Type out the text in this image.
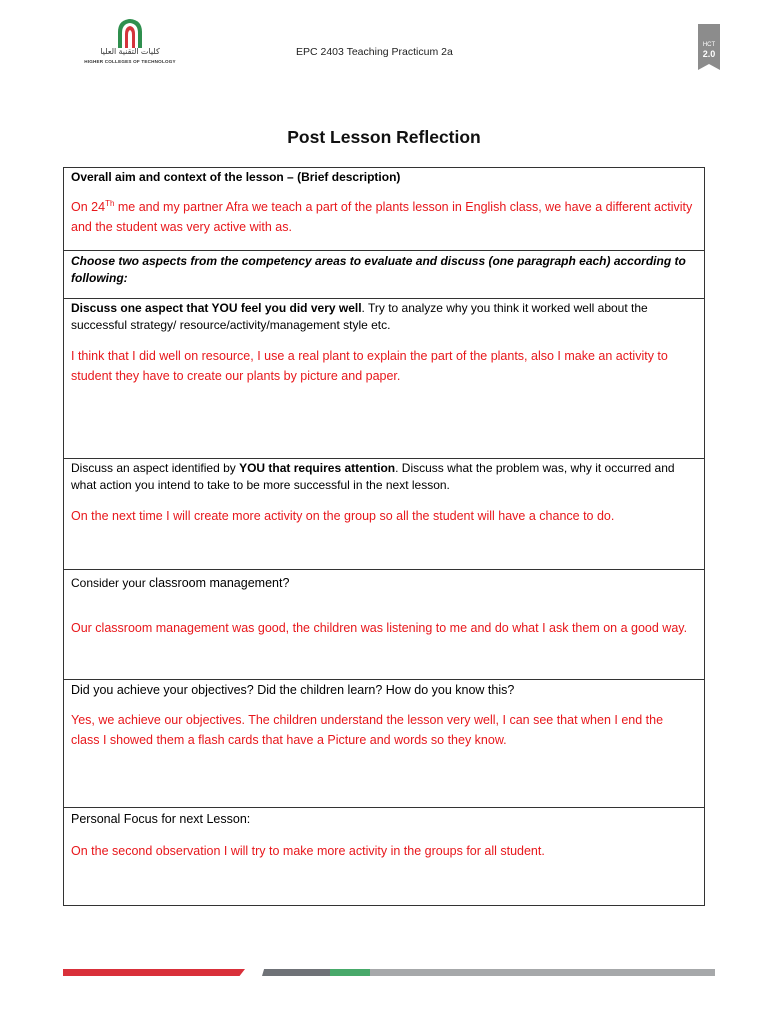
كليات التقنية العليا
HIGHER COLLEGES OF TECHNOLOGY
EPC 2403 Teaching Practicum 2a
HCT
2.0
Post Lesson Reflection
Overall aim and context of the lesson – (Brief description)
On 24Th me and my partner Afra we teach a part of the plants lesson in English class, we have a different activity and the student was very active with as.
Choose two aspects from the competency areas to evaluate and discuss (one paragraph each) according to following:
Discuss one aspect that YOU feel you did very well. Try to analyze why you think it worked well about the successful strategy/ resource/activity/management style etc.
I think that I did well on resource, I use a real plant to explain the part of the plants, also I make an activity to student they have to create our plants by picture and paper.
Discuss an aspect identified by YOU that requires attention. Discuss what the problem was, why it occurred and what action you intend to take to be more successful in the next lesson.
On the next time I will create more activity on the group so all the student will have a chance to do.
Consider your classroom management?
Our classroom management was good, the children was listening to me and do what I ask them on a good way.
Did you achieve your objectives? Did the children learn? How do you know this?
Yes, we achieve our objectives. The children understand the lesson very well, I can see that when I end the class I showed them a flash cards that have a Picture and words so they know.
Personal Focus for next Lesson:
On the second observation I will try to make more activity in the groups for all student.
